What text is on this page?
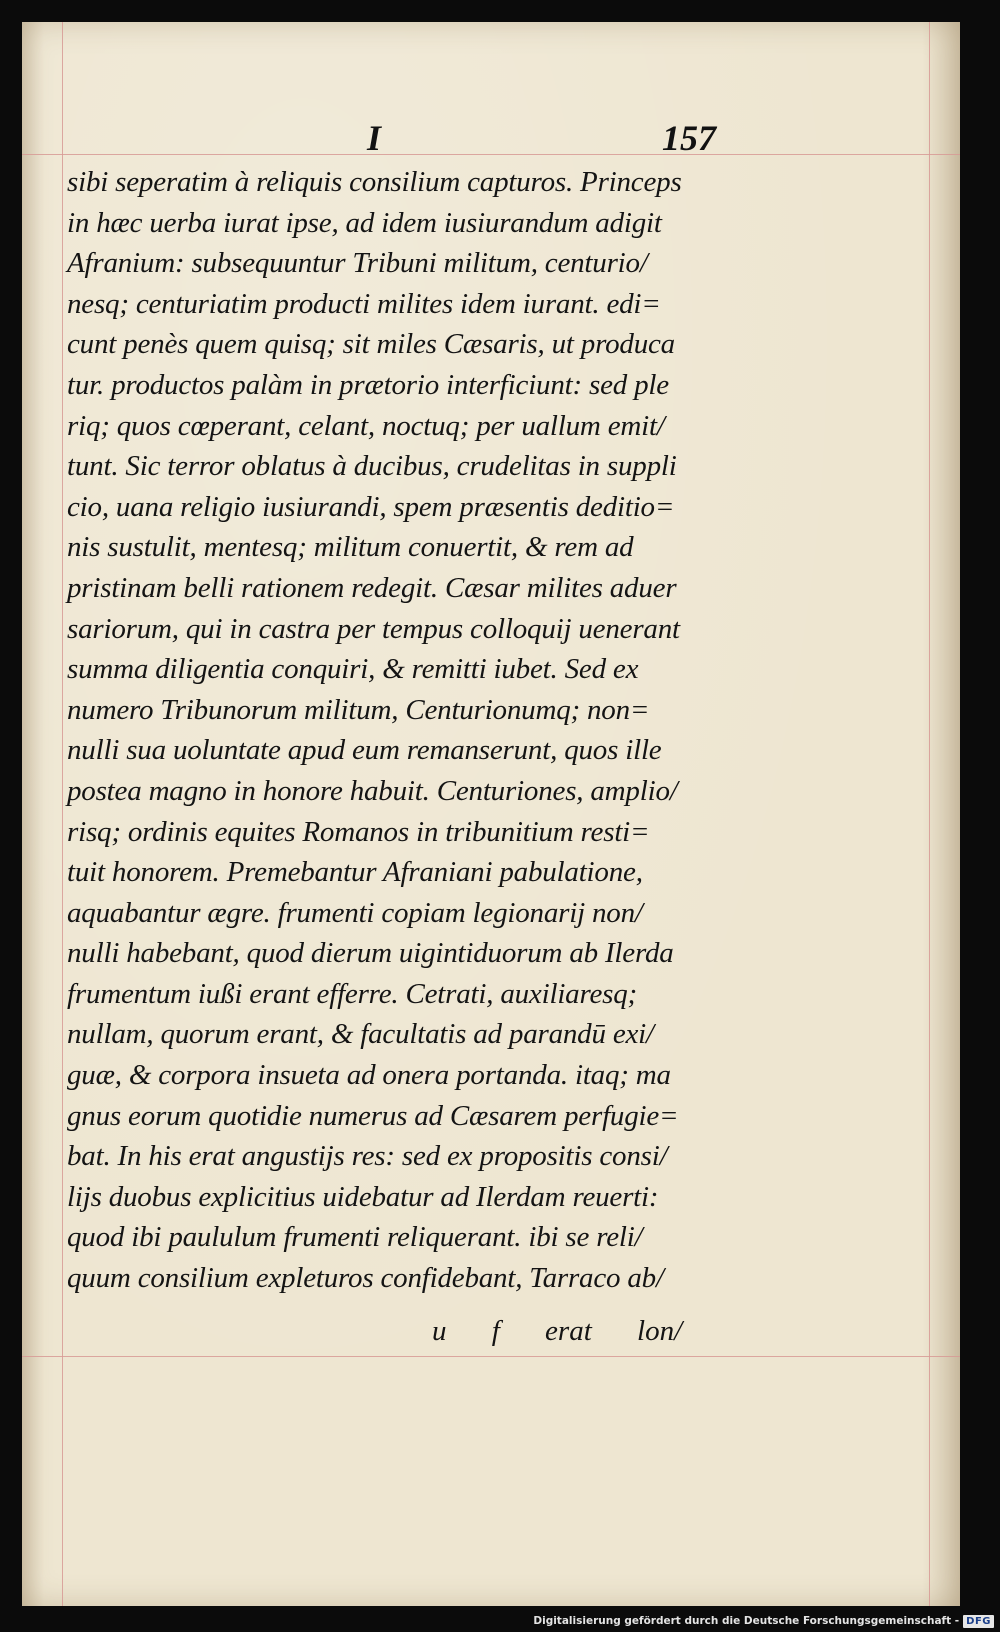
I	157
sibi seperatim à reliquis consilium capturos. Princeps
in hæc uerba iurat ipse, ad idem iusiurandum adigit
Afranium: subsequuntur Tribuni militum, centurio/
nesq; centuriatim producti milites idem iurant. edi=
cunt penès quem quisq; sit miles Cæsaris, ut produca
tur. productos palàm in prætorio interficiunt: sed ple
riq; quos cœperant, celant, noctuq; per uallum emit/
tunt. Sic terror oblatus à ducibus, crudelitas in suppli
cio, uana religio iusiurandi, spem præsentis deditio=
nis sustulit, mentesq; militum conuertit, & rem ad
pristinam belli rationem redegit. Cæsar milites aduer
sariorum, qui in castra per tempus colloquij uenerant
summa diligentia conquiri, & remitti iubet. Sed ex
numero Tribunorum militum, Centurionumq; non=
nulli sua uoluntate apud eum remanserunt, quos ille
postea magno in honore habuit. Centuriones, amplio/
risq; ordinis equites Romanos in tribunitium resti=
tuit honorem. Premebantur Afraniani pabulatione,
aquabantur ægre. frumenti copiam legionarij non/
nulli habebant, quod dierum uigintiduorum ab Ilerda
frumentum iußi erant efferre. Cetrati, auxiliaresq;
nullam, quorum erant, & facultatis ad parandū exi/
guæ, & corpora insueta ad onera portanda. itaq; ma
gnus eorum quotidie numerus ad Cæsarem perfugie=
bat. In his erat angustijs res: sed ex propositis consi/
lijs duobus explicitius uidebatur ad Ilerdam reuerti:
quod ibi paululum frumenti reliquerant. ibi se reli/
quum consilium expleturos confidebant, Tarraco ab/
u f erat lon/
Digitalisierung gefördert durch die Deutsche Forschungsgemeinschaft - DFG
